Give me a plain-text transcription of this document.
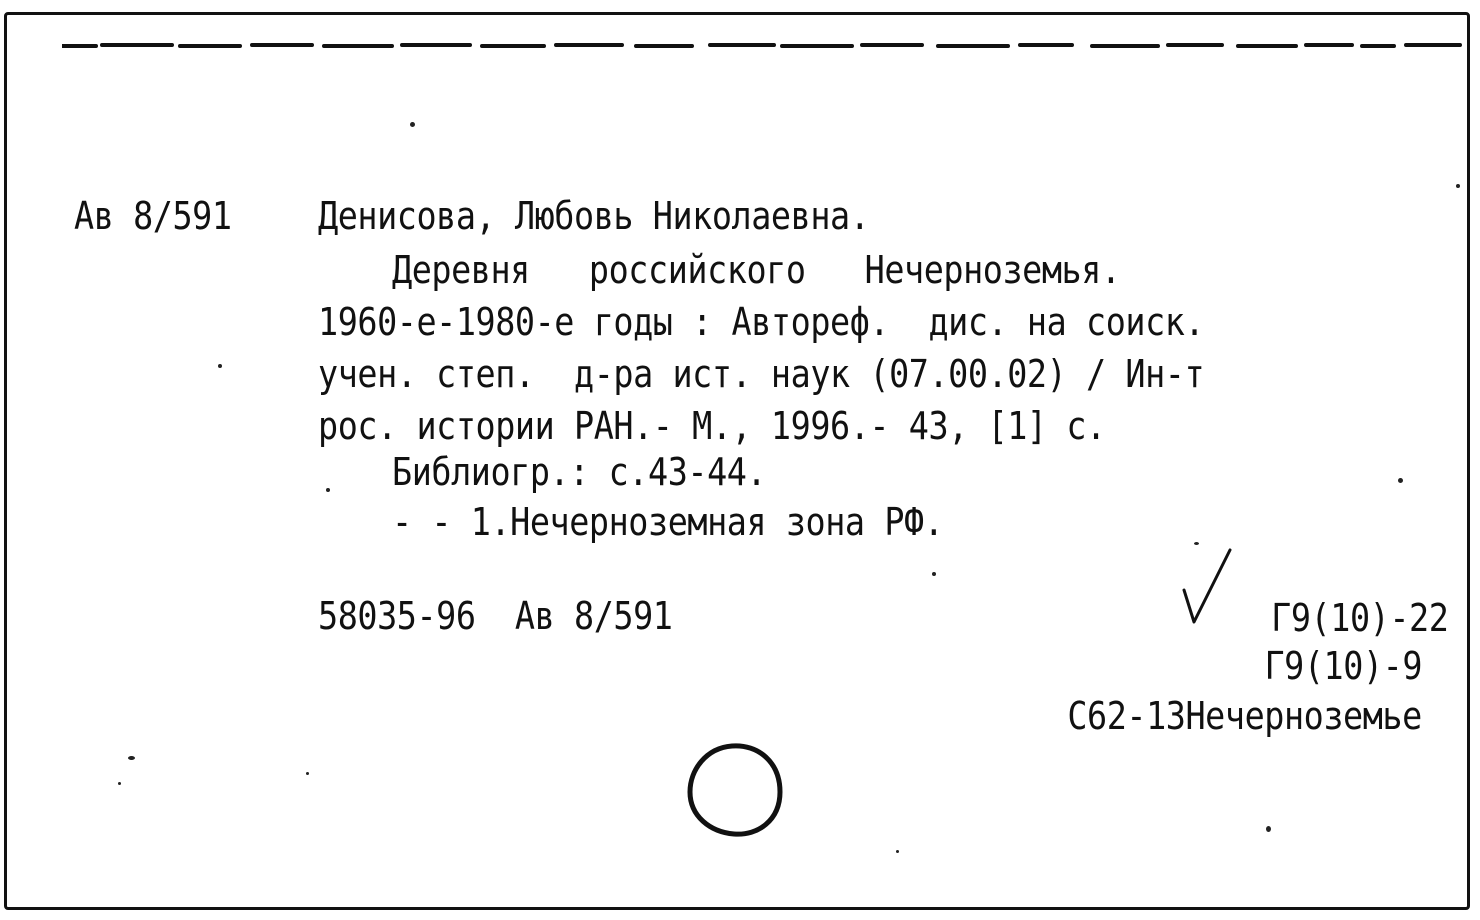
Ав 8/591 Денисова, Любовь Николаевна.
Деревня   российского   Нечерноземья.
1960-е-1980-е годы : Автореф.  дис. на соиск.
учен. степ.  д-ра ист. наук (07.00.02) / Ин-т
рос. истории РАН.- М., 1996.- 43, [1] с.
Библиогр.: с.43-44.
- - 1.Нечерноземная зона РФ.
58035-96  Ав 8/591	Г9(10)-22
Г9(10)-9
С62-13Нечерноземье
